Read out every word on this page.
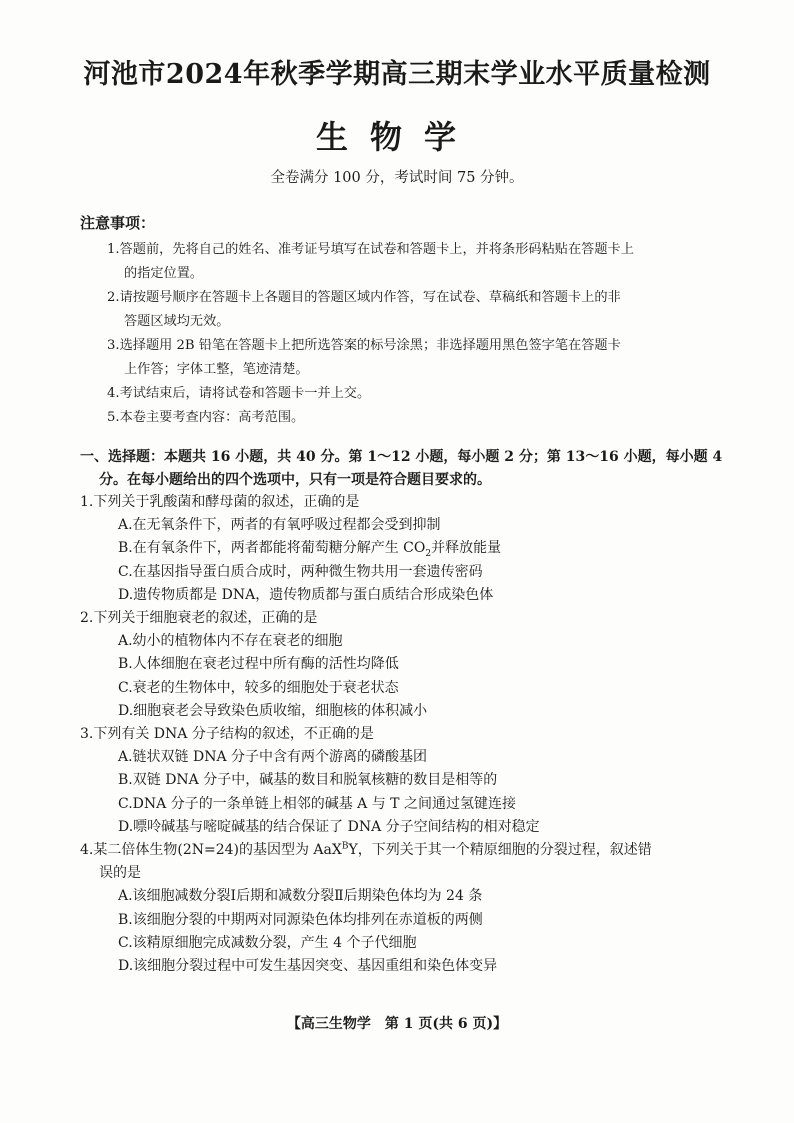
河池市2024年秋季学期高三期末学业水平质量检测
生物学
全卷满分 100 分，考试时间 75 分钟。
注意事项：
1.答题前，先将自己的姓名、准考证号填写在试卷和答题卡上，并将条形码粘贴在答题卡上
的指定位置。
2.请按题号顺序在答题卡上各题目的答题区域内作答，写在试卷、草稿纸和答题卡上的非
答题区域均无效。
3.选择题用 2B 铅笔在答题卡上把所选答案的标号涂黑；非选择题用黑色签字笔在答题卡
上作答；字体工整，笔迹清楚。
4.考试结束后，请将试卷和答题卡一并上交。
5.本卷主要考查内容：高考范围。
一、选择题：本题共 16 小题，共 40 分。第 1～12 小题，每小题 2 分；第 13～16 小题，每小题 4
分。在每小题给出的四个选项中，只有一项是符合题目要求的。
1.下列关于乳酸菌和酵母菌的叙述，正确的是
A.在无氧条件下，两者的有氧呼吸过程都会受到抑制
B.在有氧条件下，两者都能将葡萄糖分解产生 $CO_2$并释放能量
C.在基因指导蛋白质合成时，两种微生物共用一套遗传密码
D.遗传物质都是 DNA，遗传物质都与蛋白质结合形成染色体
2.下列关于细胞衰老的叙述，正确的是
A.幼小的植物体内不存在衰老的细胞
B.人体细胞在衰老过程中所有酶的活性均降低
C.衰老的生物体中，较多的细胞处于衰老状态
D.细胞衰老会导致染色质收缩，细胞核的体积减小
3.下列有关 DNA 分子结构的叙述，不正确的是
A.链状双链 DNA 分子中含有两个游离的磷酸基团
B.双链 DNA 分子中，碱基的数目和脱氧核糖的数目是相等的
C.DNA 分子的一条单链上相邻的碱基 A 与 T 之间通过氢键连接
D.嘌呤碱基与嘧啶碱基的结合保证了 DNA 分子空间结构的相对稳定
4.某二倍体生物(2N=24)的基因型为 AaX$^B$Y，下列关于其一个精原细胞的分裂过程，叙述错
误的是
A.该细胞减数分裂Ⅰ后期和减数分裂Ⅱ后期染色体均为 24 条
B.该细胞分裂的中期两对同源染色体均排列在赤道板的两侧
C.该精原细胞完成减数分裂，产生 4 个子代细胞
D.该细胞分裂过程中可发生基因突变、基因重组和染色体变异
【高三生物学　第 1 页(共 6 页)】
